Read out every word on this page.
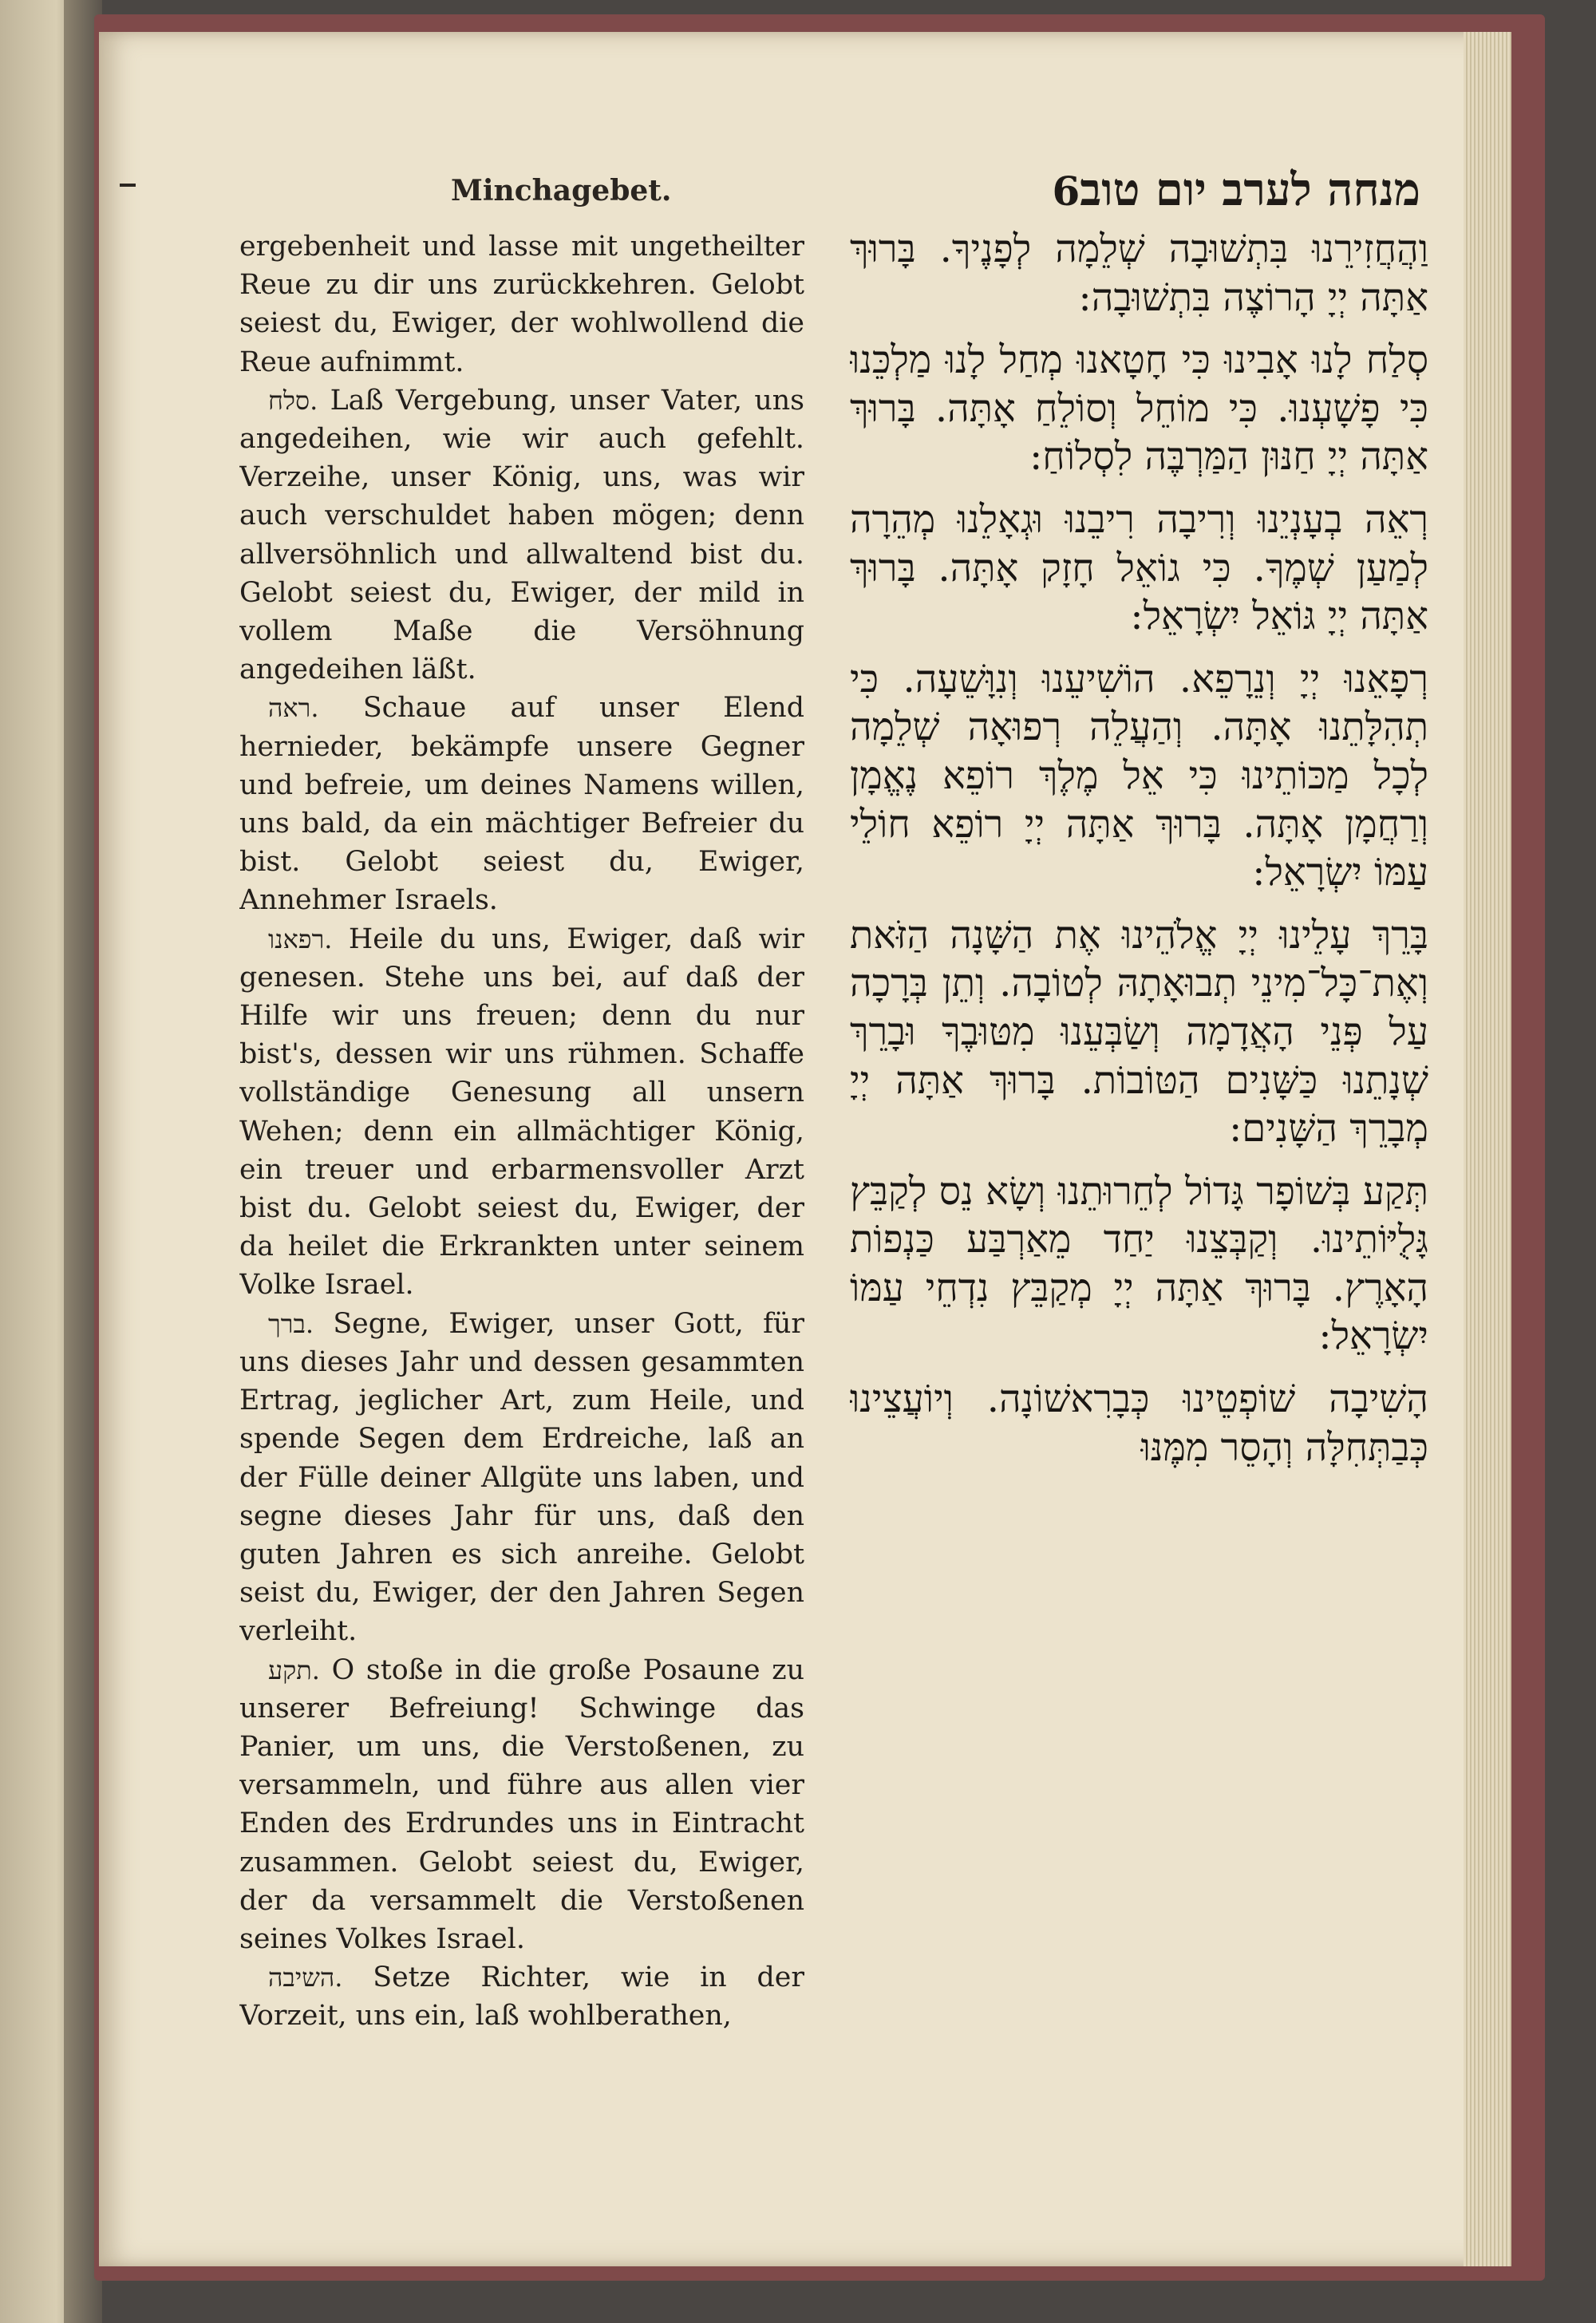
Minchagebet.	מנחה לערב יום טוב6

ergebenheit und lasse mit ungetheilter Reue zu dir uns zurückkehren. Gelobt seiest du, Ewiger, der wohlwollend die Reue aufnimmt.

סלח. Laß Vergebung, unser Vater, uns angedeihen, wie wir auch gefehlt. Verzeihe, unser König, uns, was wir auch verschuldet haben mögen; denn allversöhnlich und allwaltend bist du. Gelobt seiest du, Ewiger, der mild in vollem Maße die Versöhnung angedeihen läßt.

ראה. Schaue auf unser Elend hernieder, bekämpfe unsere Gegner und befreie, um deines Namens willen, uns bald, da ein mächtiger Befreier du bist. Gelobt seiest du, Ewiger, Annehmer Israels.

רפאנו. Heile du uns, Ewiger, daß wir genesen. Stehe uns bei, auf daß der Hilfe wir uns freuen; denn du nur bist's, dessen wir uns rühmen. Schaffe vollständige Genesung all unsern Wehen; denn ein allmächtiger König, ein treuer und erbarmensvoller Arzt bist du. Gelobt seiest du, Ewiger, der da heilet die Erkrankten unter seinem Volke Israel.

ברך. Segne, Ewiger, unser Gott, für uns dieses Jahr und dessen gesammten Ertrag, jeglicher Art, zum Heile, und spende Segen dem Erdreiche, laß an der Fülle deiner Allgüte uns laben, und segne dieses Jahr für uns, daß den guten Jahren es sich anreihe. Gelobt seist du, Ewiger, der den Jahren Segen verleiht.

תקע. O stoße in die große Posaune zu unserer Befreiung! Schwinge das Panier, um uns, die Verstoßenen, zu versammeln, und führe aus allen vier Enden des Erdrundes uns in Eintracht zusammen. Gelobt seiest du, Ewiger, der da versammelt die Verstoßenen seines Volkes Israel.

השיבה. Setze Richter, wie in der Vorzeit, uns ein, laß wohlberathen,

וַהֲחֲזִירֵנוּ בִּתְשׁוּבָה שְׁלֵמָה לְפָנֶיךָ. בָּרוּךְ אַתָּה יְיָ הָרוֹצֶה בִּתְשׁוּבָה:

סְלַח לָנוּ אָבִינוּ כִּי חָטָאנוּ מְחַל לָנוּ מַלְכֵּנוּ כִּי פָשָׁעְנוּ. כִּי מוֹחֵל וְסוֹלֵחַ אָתָּה. בָּרוּךְ אַתָּה יְיָ חַנּוּן הַמַּרְבֶּה לִסְלוֹחַ:

רְאֵה בְעָנְיֵנוּ וְרִיבָה רִיבֵנוּ וּגְאָלֵנוּ מְהֵרָה לְמַעַן שְׁמֶךָ. כִּי גוֹאֵל חָזָק אָתָּה. בָּרוּךְ אַתָּה יְיָ גּוֹאֵל יִשְׂרָאֵל:

רְפָאֵנוּ יְיָ וְנֵרָפֵא. הוֹשִׁיעֵנוּ וְנִוָּשֵׁעָה. כִּי תְהִלָּתֵנוּ אָתָּה. וְהַעֲלֵה רְפוּאָה שְׁלֵמָה לְכָל מַכּוֹתֵינוּ כִּי אֵל מֶלֶךְ רוֹפֵא נֶאֱמָן וְרַחֲמָן אָתָּה. בָּרוּךְ אַתָּה יְיָ רוֹפֵא חוֹלֵי עַמּוֹ יִשְׂרָאֵל:

בָּרֵךְ עָלֵינוּ יְיָ אֱלֹהֵינוּ אֶת הַשָּׁנָה הַזֹּאת וְאֶת־כָּל־מִינֵי תְבוּאָתָהּ לְטוֹבָה. וְתֵן בְּרָכָה עַל פְּנֵי הָאֲדָמָה וְשַׂבְּעֵנוּ מִטּוּבֶךָ וּבָרֵךְ שְׁנָתֵנוּ כַּשָּׁנִים הַטּוֹבוֹת. בָּרוּךְ אַתָּה יְיָ מְבָרֵךְ הַשָּׁנִים:

תְּקַע בְּשׁוֹפָר גָּדוֹל לְחֵרוּתֵנוּ וְשָׂא נֵס לְקַבֵּץ גָּלֻיּוֹתֵינוּ. וְקַבְּצֵנוּ יַחַד מֵאַרְבַּע כַּנְפוֹת הָאָרֶץ. בָּרוּךְ אַתָּה יְיָ מְקַבֵּץ נִדְחֵי עַמּוֹ יִשְׂרָאֵל:

הָשִׁיבָה שׁוֹפְטֵינוּ כְּבָרִאשׁוֹנָה. וְיוֹעֲצֵינוּ כְּבַתְּחִלָּה וְהָסֵר מִמֶּנּוּ
